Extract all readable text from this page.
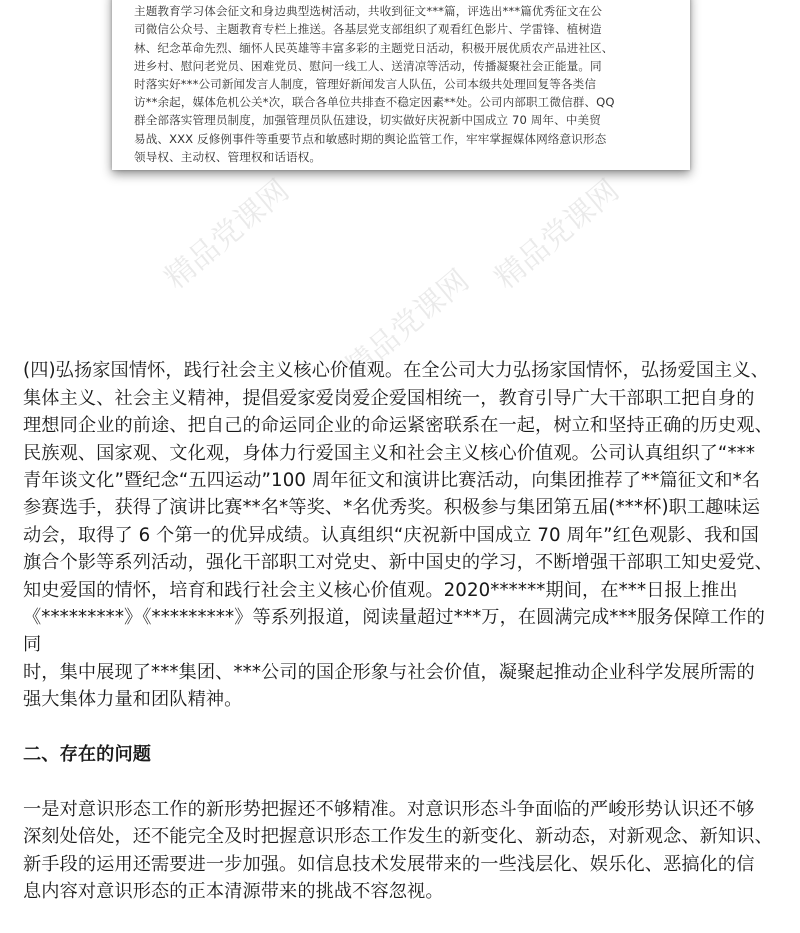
主题教育学习体会征文和身边典型选树活动，共收到征文***篇，评选出***篇优秀征文在公
司微信公众号、主题教育专栏上推送。各基层党支部组织了观看红色影片、学雷锋、植树造
林、纪念革命先烈、缅怀人民英雄等丰富多彩的主题党日活动，积极开展优质农产品进社区、
进乡村、慰问老党员、困难党员、慰问一线工人、送清凉等活动，传播凝聚社会正能量。同
时落实好***公司新闻发言人制度，管理好新闻发言人队伍，公司本级共处理回复等各类信
访**余起，媒体危机公关*次，联合各单位共排查不稳定因素**处。公司内部职工微信群、QQ
群全部落实管理员制度，加强管理员队伍建设，切实做好庆祝新中国成立 70 周年、中美贸
易战、XXX 反修例事件等重要节点和敏感时期的舆论监管工作，牢牢掌握媒体网络意识形态
领导权、主动权、管理权和话语权。
精品党课网	精品党课网
精品党课网

(四)弘扬家国情怀，践行社会主义核心价值观。在全公司大力弘扬家国情怀，弘扬爱国主义、
集体主义、社会主义精神，提倡爱家爱岗爱企爱国相统一，教育引导广大干部职工把自身的
理想同企业的前途、把自己的命运同企业的命运紧密联系在一起，树立和坚持正确的历史观、
民族观、国家观、文化观，身体力行爱国主义和社会主义核心价值观。公司认真组织了“***
青年谈文化”暨纪念“五四运动”100 周年征文和演讲比赛活动，向集团推荐了**篇征文和*名
参赛选手，获得了演讲比赛**名*等奖、*名优秀奖。积极参与集团第五届(***杯)职工趣味运
动会，取得了 6 个第一的优异成绩。认真组织“庆祝新中国成立 70 周年”红色观影、我和国
旗合个影等系列活动，强化干部职工对党史、新中国史的学习，不断增强干部职工知史爱党、
知史爱国的情怀，培育和践行社会主义核心价值观。2020******期间，在***日报上推出
《*********》《*********》等系列报道，阅读量超过***万，在圆满完成***服务保障工作的同
时，集中展现了***集团、***公司的国企形象与社会价值，凝聚起推动企业科学发展所需的
强大集体力量和团队精神。

二、存在的问题

一是对意识形态工作的新形势把握还不够精准。对意识形态斗争面临的严峻形势认识还不够
深刻处倍处，还不能完全及时把握意识形态工作发生的新变化、新动态，对新观念、新知识、
新手段的运用还需要进一步加强。如信息技术发展带来的一些浅层化、娱乐化、恶搞化的信
息内容对意识形态的正本清源带来的挑战不容忽视。
